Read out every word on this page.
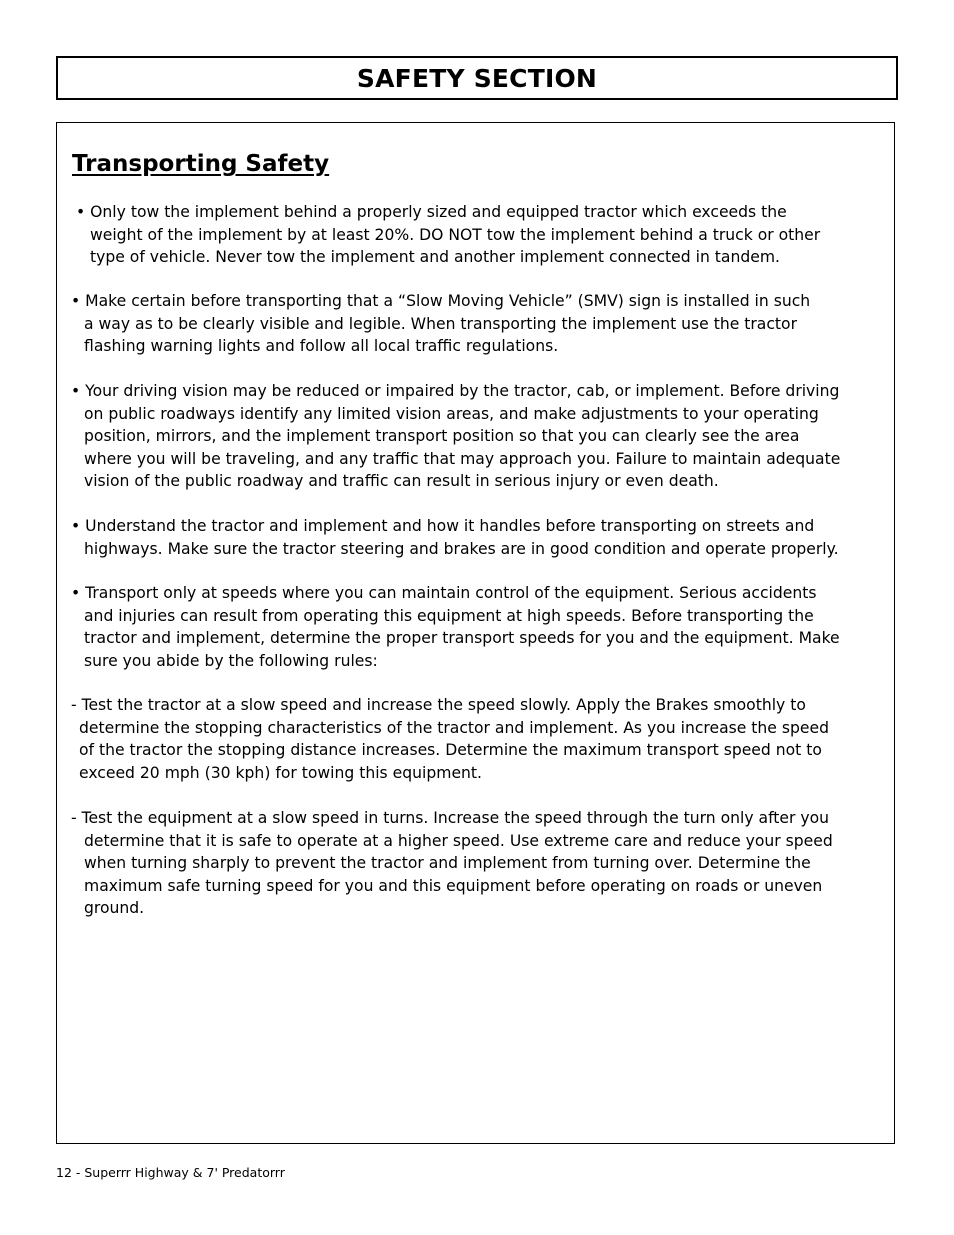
SAFETY SECTION
Transporting Safety

• Only tow the implement behind a properly sized and equipped tractor which exceeds the
weight of the implement by at least 20%. DO NOT tow the implement behind a truck or other
type of vehicle. Never tow the implement and another implement connected in tandem.

• Make certain before transporting that a “Slow Moving Vehicle” (SMV) sign is installed in such
a way as to be clearly visible and legible. When transporting the implement use the tractor
flashing warning lights and follow all local traffic regulations.

• Your driving vision may be reduced or impaired by the tractor, cab, or implement. Before driving
on public roadways identify any limited vision areas, and make adjustments to your operating
position, mirrors, and the implement transport position so that you can clearly see the area
where you will be traveling, and any traffic that may approach you. Failure to maintain adequate
vision of the public roadway and traffic can result in serious injury or even death.

• Understand the tractor and implement and how it handles before transporting on streets and
highways. Make sure the tractor steering and brakes are in good condition and operate properly.

• Transport only at speeds where you can maintain control of the equipment. Serious accidents
and injuries can result from operating this equipment at high speeds. Before transporting the
tractor and implement, determine the proper transport speeds for you and the equipment. Make
sure you abide by the following rules:

- Test the tractor at a slow speed and increase the speed slowly. Apply the Brakes smoothly to
determine the stopping characteristics of the tractor and implement. As you increase the speed
of the tractor the stopping distance increases. Determine the maximum transport speed not to
exceed 20 mph (30 kph) for towing this equipment.

- Test the equipment at a slow speed in turns. Increase the speed through the turn only after you
determine that it is safe to operate at a higher speed. Use extreme care and reduce your speed
when turning sharply to prevent the tractor and implement from turning over. Determine the
maximum safe turning speed for you and this equipment before operating on roads or uneven
ground.

12 - Superrr Highway & 7' Predatorrr
